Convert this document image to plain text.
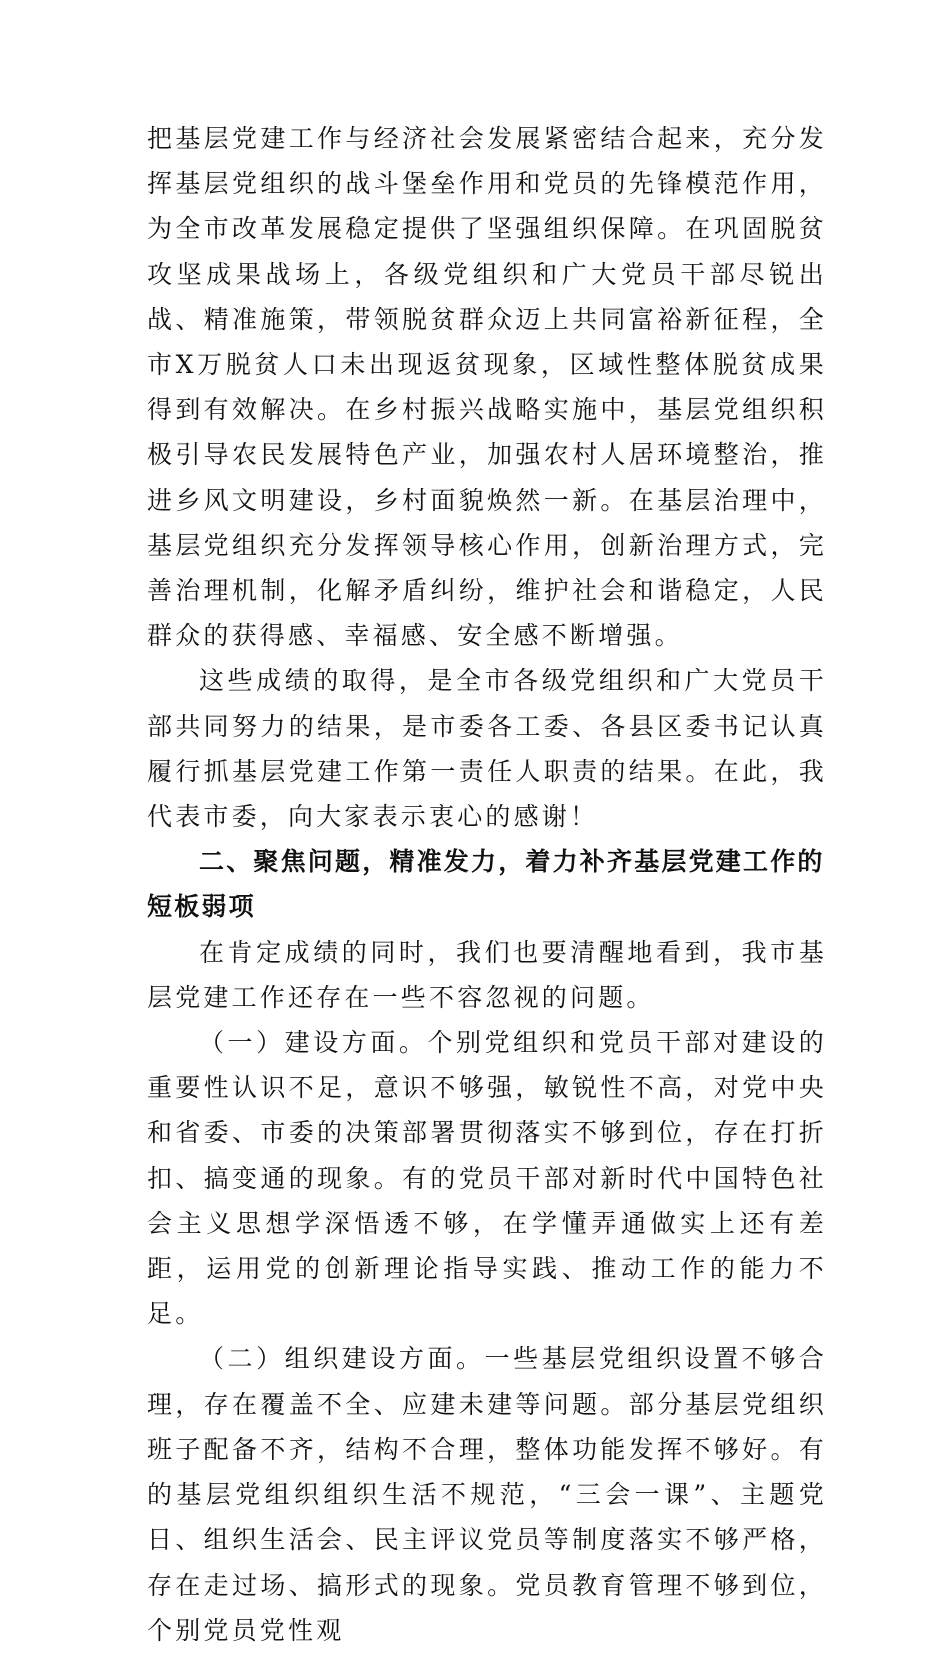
把基层党建工作与经济社会发展紧密结合起来，充分发挥基层党组织的战斗堡垒作用和党员的先锋模范作用，为全市改革发展稳定提供了坚强组织保障。在巩固脱贫攻坚成果战场上，各级党组织和广大党员干部尽锐出战、精准施策，带领脱贫群众迈上共同富裕新征程，全市X万脱贫人口未出现返贫现象，区域性整体脱贫成果得到有效解决。在乡村振兴战略实施中，基层党组织积极引导农民发展特色产业，加强农村人居环境整治，推进乡风文明建设，乡村面貌焕然一新。在基层治理中，基层党组织充分发挥领导核心作用，创新治理方式，完善治理机制，化解矛盾纠纷，维护社会和谐稳定，人民群众的获得感、幸福感、安全感不断增强。

这些成绩的取得，是全市各级党组织和广大党员干部共同努力的结果，是市委各工委、各县区委书记认真履行抓基层党建工作第一责任人职责的结果。在此，我代表市委，向大家表示衷心的感谢！

二、聚焦问题，精准发力，着力补齐基层党建工作的短板弱项

在肯定成绩的同时，我们也要清醒地看到，我市基层党建工作还存在一些不容忽视的问题。

（一）建设方面。个别党组织和党员干部对建设的重要性认识不足，意识不够强，敏锐性不高，对党中央和省委、市委的决策部署贯彻落实不够到位，存在打折扣、搞变通的现象。有的党员干部对新时代中国特色社会主义思想学深悟透不够，在学懂弄通做实上还有差距，运用党的创新理论指导实践、推动工作的能力不足。

（二）组织建设方面。一些基层党组织设置不够合理，存在覆盖不全、应建未建等问题。部分基层党组织班子配备不齐，结构不合理，整体功能发挥不够好。有的基层党组织组织生活不规范，“三会一课”、主题党日、组织生活会、民主评议党员等制度落实不够严格，存在走过场、搞形式的现象。党员教育管理不够到位，个别党员党性观
